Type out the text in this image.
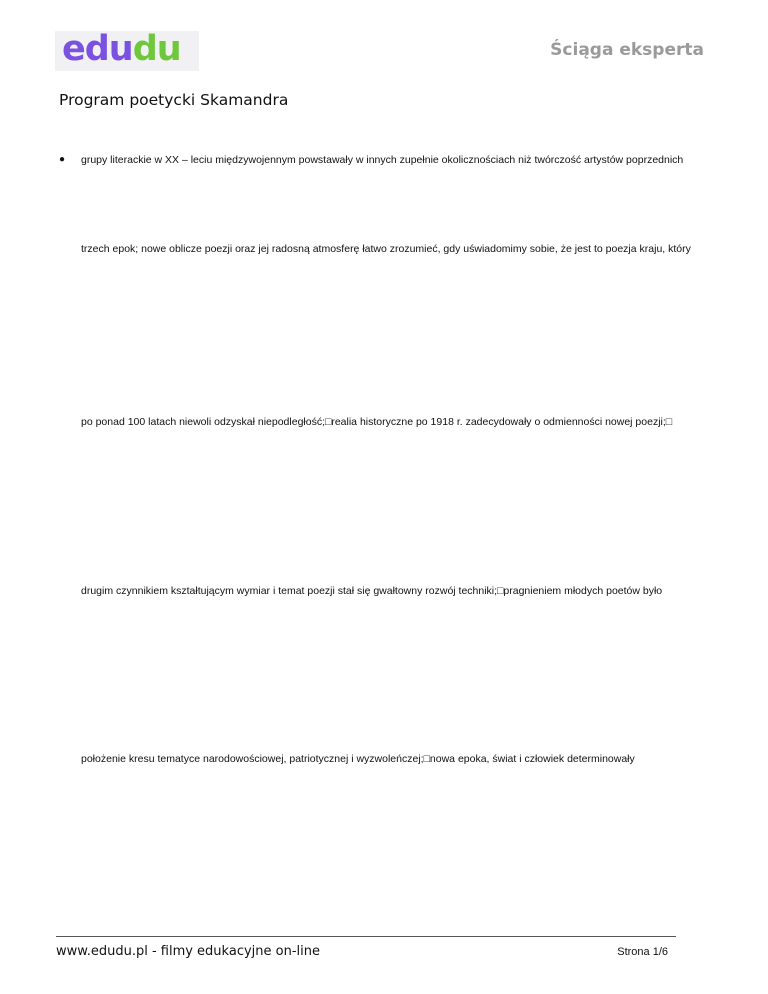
edudu	Ściąga eksperta
Program poetycki Skamandra
● grupy literackie w XX – leciu międzywojennym powstawały w innych zupełnie okolicznościach niż twórczość artystów poprzednich
trzech epok; nowe oblicze poezji oraz jej radosną atmosferę łatwo zrozumieć, gdy uświadomimy sobie, że jest to poezja kraju, który
po ponad 100 latach niewoli odzyskał niepodległość;□realia historyczne po 1918 r. zadecydowały o odmienności nowej poezji;□
drugim czynnikiem kształtującym wymiar i temat poezji stał się gwałtowny rozwój techniki;□pragnieniem młodych poetów było
położenie kresu tematyce narodowościowej, patriotycznej i wyzwoleńczej;□nowa epoka, świat i człowiek determinowały
www.edudu.pl - filmy edukacyjne on-line	Strona 1/6
